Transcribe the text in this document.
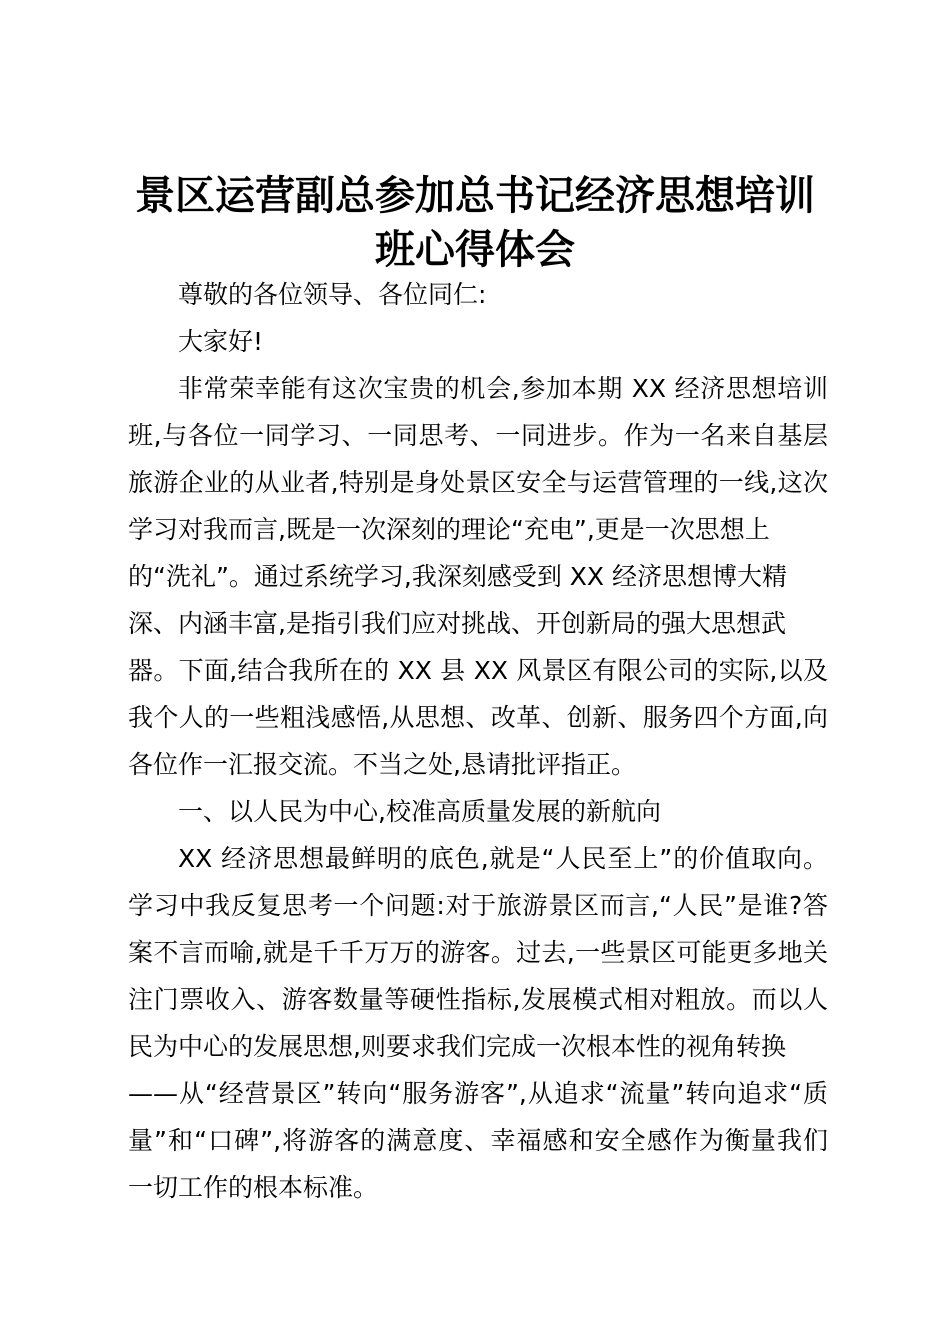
景区运营副总参加总书记经济思想培训
班心得体会
尊敬的各位领导、各位同仁:
大家好!
非常荣幸能有这次宝贵的机会,参加本期 XX 经济思想培训
班,与各位一同学习、一同思考、一同进步。作为一名来自基层
旅游企业的从业者,特别是身处景区安全与运营管理的一线,这次
学习对我而言,既是一次深刻的理论“充电”,更是一次思想上
的“洗礼”。通过系统学习,我深刻感受到 XX 经济思想博大精
深、内涵丰富,是指引我们应对挑战、开创新局的强大思想武
器。下面,结合我所在的 XX 县 XX 风景区有限公司的实际,以及
我个人的一些粗浅感悟,从思想、改革、创新、服务四个方面,向
各位作一汇报交流。不当之处,恳请批评指正。
一、以人民为中心,校准高质量发展的新航向
XX 经济思想最鲜明的底色,就是“人民至上”的价值取向。
学习中我反复思考一个问题:对于旅游景区而言,“人民”是谁?答
案不言而喻,就是千千万万的游客。过去,一些景区可能更多地关
注门票收入、游客数量等硬性指标,发展模式相对粗放。而以人
民为中心的发展思想,则要求我们完成一次根本性的视角转换
——从“经营景区”转向“服务游客”,从追求“流量”转向追求“质
量”和“口碑”,将游客的满意度、幸福感和安全感作为衡量我们
一切工作的根本标准。
